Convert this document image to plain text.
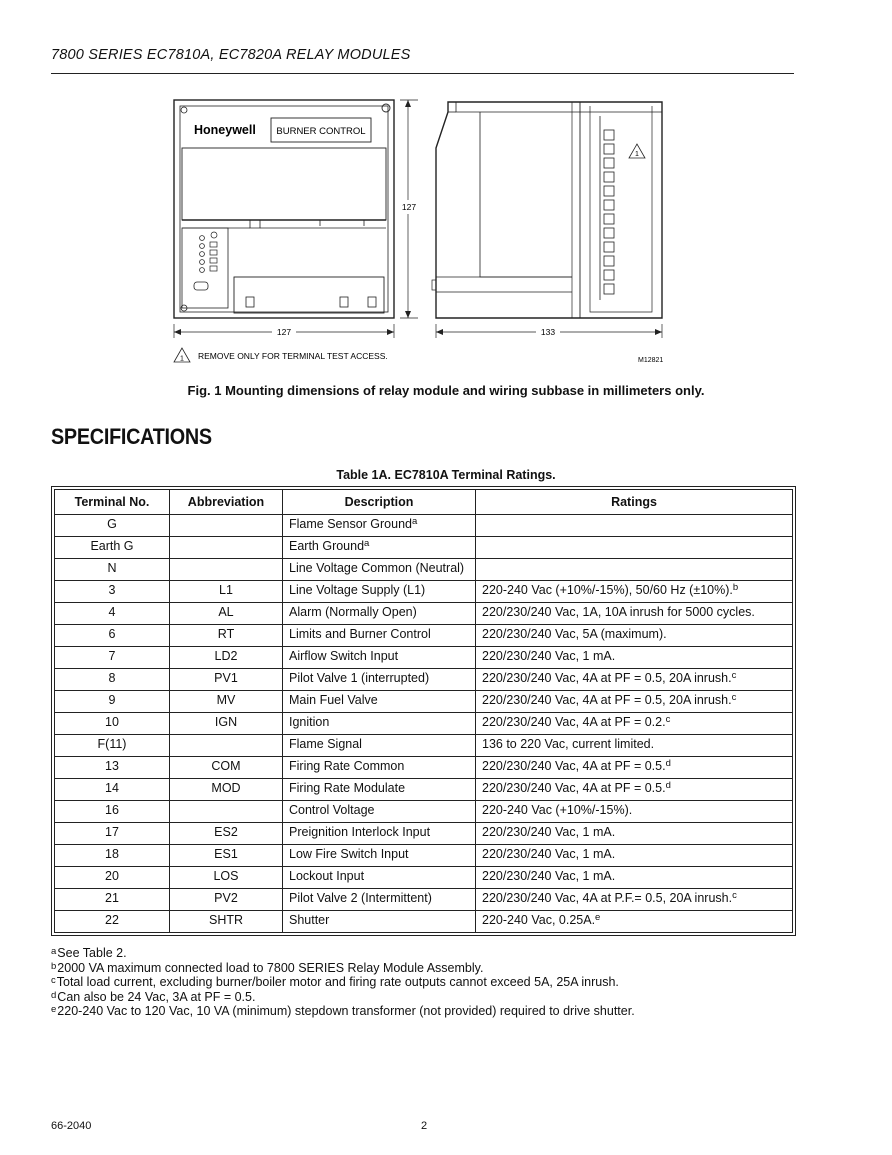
7800 SERIES EC7810A, EC7820A RELAY MODULES
Honeywell BURNER CONTROL
127
127	133
1
1
REMOVE ONLY FOR TERMINAL TEST ACCESS.	M12821
Fig. 1 Mounting dimensions of relay module and wiring subbase in millimeters only.
SPECIFICATIONS
Table 1A. EC7810A Terminal Ratings.
Terminal No.	Abbreviation	Description	Ratings
G		Flame Sensor Ground$^a$	
Earth G		Earth Ground$^a$	
N		Line Voltage Common (Neutral)	
3	L1	Line Voltage Supply (L1)	220-240 Vac (+10%/-15%), 50/60 Hz (±10%).$^b$
4	AL	Alarm (Normally Open)	220/230/240 Vac, 1A, 10A inrush for 5000 cycles.
6	RT	Limits and Burner Control	220/230/240 Vac, 5A (maximum).
7	LD2	Airflow Switch Input	220/230/240 Vac, 1 mA.
8	PV1	Pilot Valve 1 (interrupted)	220/230/240 Vac, 4A at PF = 0.5, 20A inrush.$^c$
9	MV	Main Fuel Valve	220/230/240 Vac, 4A at PF = 0.5, 20A inrush.$^c$
10	IGN	Ignition	220/230/240 Vac, 4A at PF = 0.2.$^c$
F(11)		Flame Signal	136 to 220 Vac, current limited.
13	COM	Firing Rate Common	220/230/240 Vac, 4A at PF = 0.5.$^d$
14	MOD	Firing Rate Modulate	220/230/240 Vac, 4A at PF = 0.5.$^d$
16		Control Voltage	220-240 Vac (+10%/-15%).
17	ES2	Preignition Interlock Input	220/230/240 Vac, 1 mA.
18	ES1	Low Fire Switch Input	220/230/240 Vac, 1 mA.
20	LOS	Lockout Input	220/230/240 Vac, 1 mA.
21	PV2	Pilot Valve 2 (Intermittent)	220/230/240 Vac, 4A at P.F.= 0.5, 20A inrush.$^c$
22	SHTR	Shutter	220-240 Vac, 0.25A.$^e$
$^a$See Table 2.
$^b$2000 VA maximum connected load to 7800 SERIES Relay Module Assembly.
$^c$Total load current, excluding burner/boiler motor and firing rate outputs cannot exceed 5A, 25A inrush.
$^d$Can also be 24 Vac, 3A at PF = 0.5.
$^e$220-240 Vac to 120 Vac, 10 VA (minimum) stepdown transformer (not provided) required to drive shutter.
66-2040	2
